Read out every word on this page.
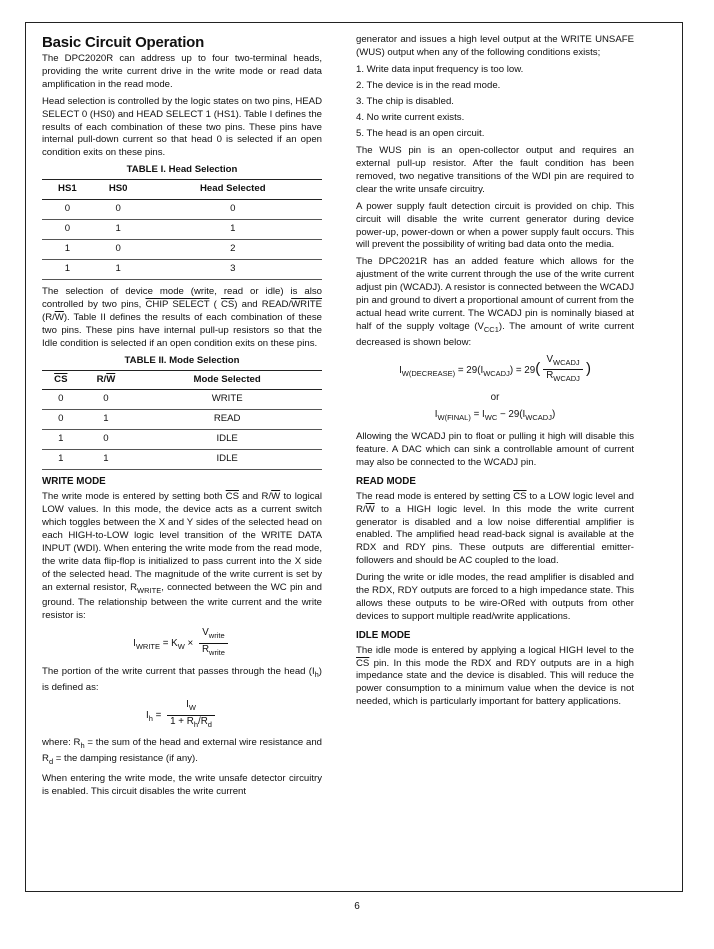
Basic Circuit Operation

The DPC2020R can address up to four two-terminal heads, providing the write current drive in the write mode or read data amplification in the read mode.

Head selection is controlled by the logic states on two pins, HEAD SELECT 0 (HS0) and HEAD SELECT 1 (HS1). Table I defines the results of each combination of these two pins. These pins have internal pull-down current so that head 0 is selected if an open condition exits on these pins.

TABLE I. Head Selection
HS1	HS0	Head Selected
0	0	0
0	1	1
1	0	2
1	1	3

The selection of device mode (write, read or idle) is also controlled by two pins, CHIP SELECT ( $\overline{CS}$) and READ/WRITE $(R/\overline{W})$. Table II defines the results of each combination of these two pins. These pins have internal pull-up resistors so that the Idle condition is selected if an open condition exits on these pins.

TABLE II. Mode Selection
$\overline{CS}$	$R/\overline{W}$	Mode Selected
0	0	WRITE
0	1	READ
1	0	IDLE
1	1	IDLE
WRITE MODE

The write mode is entered by setting both $\overline{CS}$ and $R/\overline{W}$ to logical LOW values. In this mode, the device acts as a current switch which toggles between the X and Y sides of the selected head on each HIGH-to-LOW logic level transition of the WRITE DATA INPUT (WDI). When entering the write mode from the read mode, the write data flip-flop is initialized to pass current into the X side of the selected head. The magnitude of the write current is set by an external resistor, $R_{WRITE}$, connected between the WC pin and ground. The relationship between the write current and the write resistor is:

$I_{WRITE} = K_W \times \frac{V_{write}}{R_{write}}$

The portion of the write current that passes through the head $(I_h)$ is defined as:

$I_h = \frac{I_W}{1 + R_h/R_d}$

where: $R_h$ = the sum of the head and external wire resistance and $R_d$ = the damping resistance (if any).

When entering the write mode, the write unsafe detector circuitry is enabled. This circuit disables the write current

generator and issues a high level output at the WRITE UNSAFE (WUS) output when any of the following conditions exists;

1. Write data input frequency is too low.
2. The device is in the read mode.
3. The chip is disabled.
4. No write current exists.
5. The head is an open circuit.

The WUS pin is an open-collector output and requires an external pull-up resistor. After the fault condition has been removed, two negative transitions of the WDI pin are required to clear the write unsafe circuitry.

A power supply fault detection circuit is provided on chip. This circuit will disable the write current generator during device power-up, power-down or when a power supply fault occurs. This will prevent the possibility of writing bad data onto the media.

The DPC2021R has an added feature which allows for the ajustment of the write current through the use of the write current adjust pin (WCADJ). A resistor is connected between the WCADJ pin and ground to divert a proportional amount of current from the actual head write current. The WCADJ pin is nominally biased at half of the supply voltage $(V_{CC1})$. The amount of write current decreased is shown below:

$I_{W(DECREASE)} = 29(I_{WCADJ}) = 29( \frac{V_{WCADJ}}{R_{WCADJ}}$ )
or
$I_{W(FINAL)} = I_{WC} - 29(I_{WCADJ})$

Allowing the WCADJ pin to float or pulling it high will disable this feature. A DAC which can sink a controllable amount of current may also be connected to the WCADJ pin.

READ MODE

The read mode is entered by setting $\overline{CS}$ to a LOW logic level and $R/\overline{W}$ to a HIGH logic level. In this mode the write current generator is disabled and a low noise differential amplifier is enabled. The amplified head read-back signal is available at the RDX and RDY pins. These outputs are differential emitter-followers and should be AC coupled to the load.

During the write or idle modes, the read amplifier is disabled and the RDX, RDY outputs are forced to a high impedance state. This allows these outputs to be wire-ORed with outputs from other devices to support multiple read/write applications.

IDLE MODE

The idle mode is entered by applying a logical HIGH level to the $\overline{CS}$ pin. In this mode the RDX and RDY outputs are in a high impedance state and the device is disabled. This will reduce the power consumption to a minimum value when the device is not needed, which is particularly important for battery applications.

6
